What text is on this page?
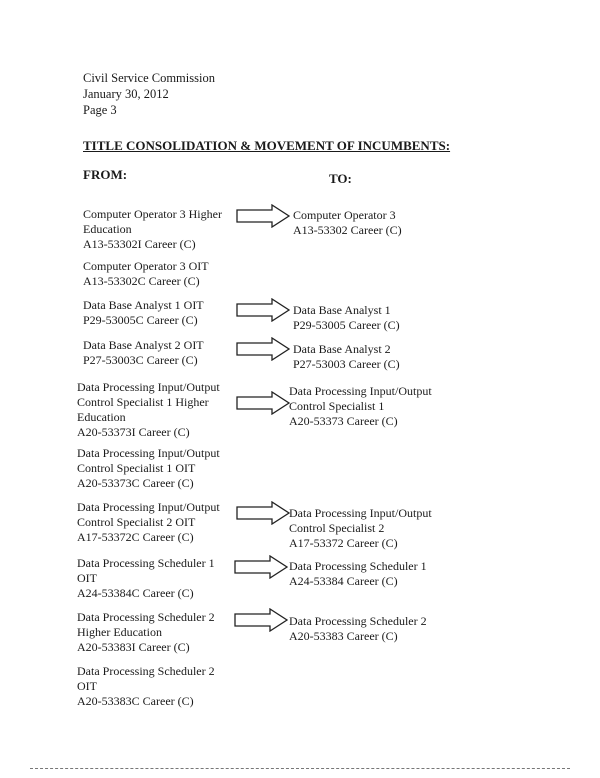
Civil Service Commission
January 30, 2012
Page 3
TITLE CONSOLIDATION & MOVEMENT OF INCUMBENTS:
FROM:	TO:
Computer Operator 3 Higher
Education
A13-53302I Career (C)
Computer Operator 3 OIT
A13-53302C Career (C)
Data Base Analyst 1 OIT
P29-53005C Career (C)
Data Base Analyst 2 OIT
P27-53003C Career (C)
Data Processing Input/Output
Control Specialist 1 Higher
Education
A20-53373I Career (C)
Data Processing Input/Output
Control Specialist 1 OIT
A20-53373C Career (C)
Data Processing Input/Output
Control Specialist 2 OIT
A17-53372C Career (C)
Data Processing Scheduler 1
OIT
A24-53384C Career (C)
Data Processing Scheduler 2
Higher Education
A20-53383I Career (C)
Data Processing Scheduler 2
OIT
A20-53383C Career (C)
Computer Operator 3
A13-53302 Career (C)
Data Base Analyst 1
P29-53005 Career (C)
Data Base Analyst 2
P27-53003 Career (C)
Data Processing Input/Output
Control Specialist 1
A20-53373 Career (C)
Data Processing Input/Output
Control Specialist 2
A17-53372 Career (C)
Data Processing Scheduler 1
A24-53384 Career (C)
Data Processing Scheduler 2
A20-53383 Career (C)
